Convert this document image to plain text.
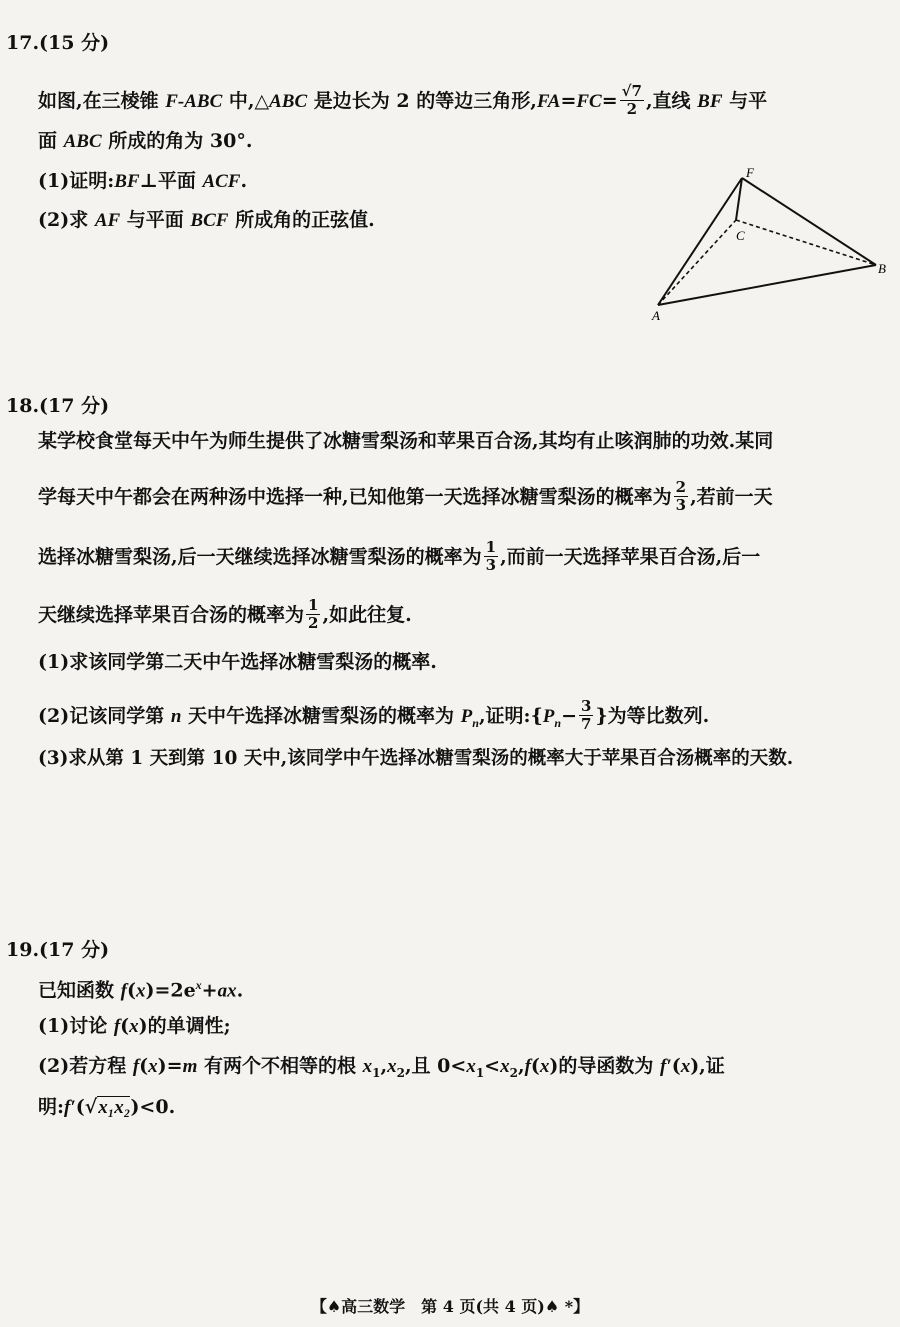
17.(15 分)
如图,在三棱锥 F-ABC 中,△ABC 是边长为 2 的等边三角形$,FA=FC= \frac{√7}{2}$ ,直线 BF 与平
面 ABC 所成的角为 30°.
(1)证明:BF⊥平面 ACF.
(2)求 AF 与平面 BCF 所成角的正弦值.
F
C
B
A
18.(17 分)
某学校食堂每天中午为师生提供了冰糖雪梨汤和苹果百合汤,其均有止咳润肺的功效.某同
学每天中午都会在两种汤中选择一种,已知他第一天选择冰糖雪梨汤的概率为 $\frac{2}{3}$ ,若前一天
选择冰糖雪梨汤,后一天继续选择冰糖雪梨汤的概率为 $\frac{1}{3}$ ,而前一天选择苹果百合汤,后一
天继续选择苹果百合汤的概率为 $\frac{1}{2}$ ,如此往复.
(1)求该同学第二天中午选择冰糖雪梨汤的概率.
(2)记该同学第 n 天中午选择冰糖雪梨汤的概率为 $P_n$,证明$:\{P_n- \frac{3}{7}$ }为等比数列.
(3)求从第 1 天到第 10 天中,该同学中午选择冰糖雪梨汤的概率大于苹果百合汤概率的天数.
19.(17 分)
已知函数 $f(x)=2e^x+ax$.
(1)讨论 f(x)的单调性;
(2)若方程 f(x)=m 有两个不相等的根 $x_1,x_2$,且 $0<x_1<x_2,f(x)$的导函数为 f′(x),证
明:f′(√ x₁x₂)<0.
【♠高三数学　第 4 页(共 4 页)♠ *】
